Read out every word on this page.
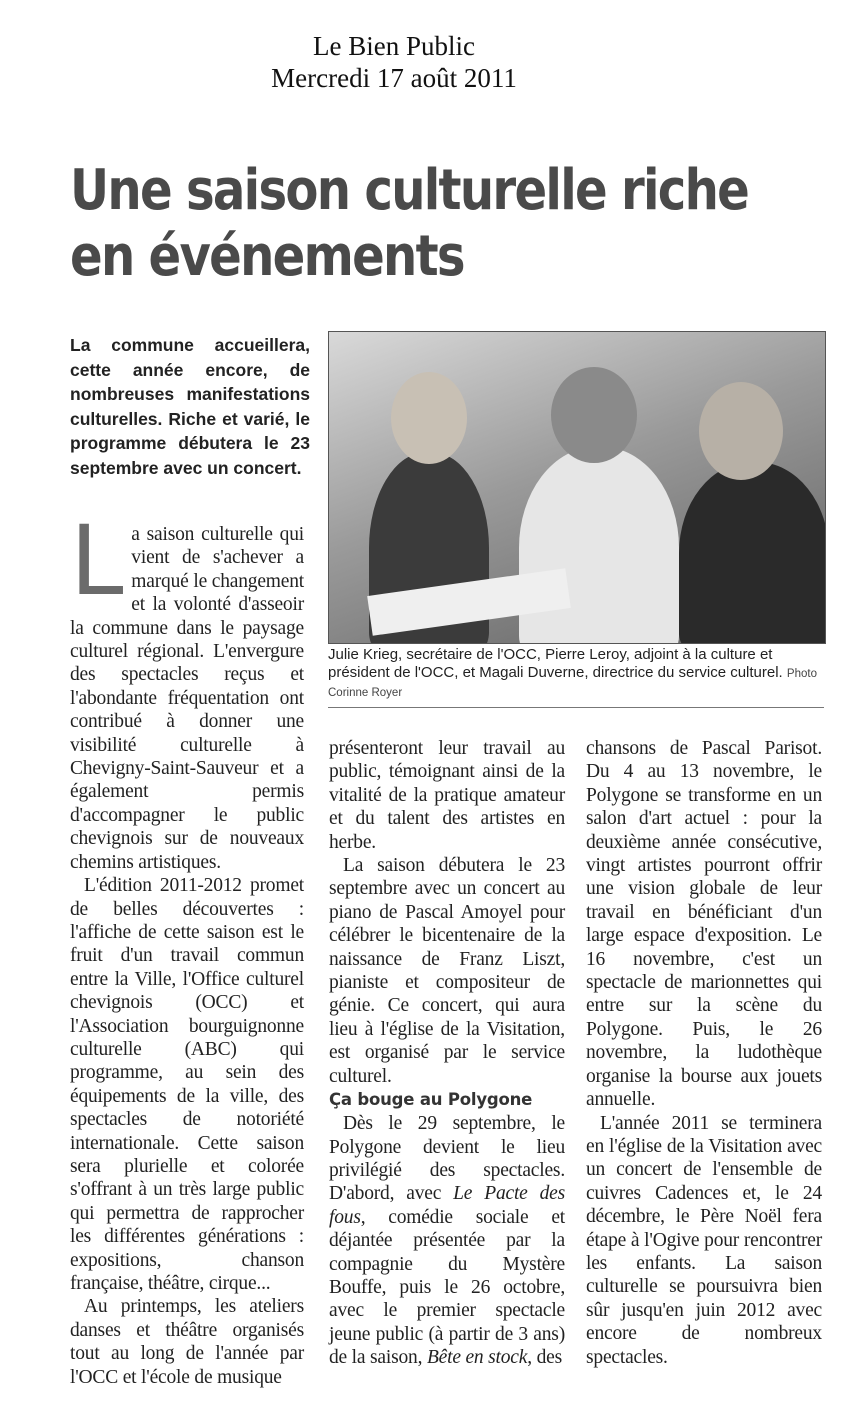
Le Bien Public
Mercredi 17 août 2011
Une saison culturelle riche
en événements
La commune accueillera, cette année encore, de nombreuses manifestations culturelles. Riche et varié, le programme débutera le 23 septembre avec un concert.
Julie Krieg, secrétaire de l'OCC, Pierre Leroy, adjoint à la culture et président de l'OCC, et Magali Duverne, directrice du service culturel. Photo Corinne Royer

La saison culturelle qui vient de s'achever a marqué le changement et la volonté d'asseoir la commune dans le paysage culturel régional. L'envergure des spectacles reçus et l'abondante fréquentation ont contribué à donner une visibilité culturelle à Chevigny-Saint-Sauveur et a également permis d'accompagner le public chevignois sur de nouveaux chemins artistiques.

L'édition 2011-2012 promet de belles découvertes : l'affiche de cette saison est le fruit d'un travail commun entre la Ville, l'Office culturel chevignois (OCC) et l'Association bourguignonne culturelle (ABC) qui programme, au sein des équipements de la ville, des spectacles de notoriété internationale. Cette saison sera plurielle et colorée s'offrant à un très large public qui permettra de rapprocher les différentes générations : expositions, chanson française, théâtre, cirque...

Au printemps, les ateliers danses et théâtre organisés tout au long de l'année par l'OCC et l'école de musique

présenteront leur travail au public, témoignant ainsi de la vitalité de la pratique amateur et du talent des artistes en herbe.

La saison débutera le 23 septembre avec un concert au piano de Pascal Amoyel pour célébrer le bicentenaire de la naissance de Franz Liszt, pianiste et compositeur de génie. Ce concert, qui aura lieu à l'église de la Visitation, est organisé par le service culturel.

Ça bouge au Polygone

Dès le 29 septembre, le Polygone devient le lieu privilégié des spectacles. D'abord, avec Le Pacte des fous, comédie sociale et déjantée présentée par la compagnie du Mystère Bouffe, puis le 26 octobre, avec le premier spectacle jeune public (à partir de 3 ans) de la saison, Bête en stock, des

chansons de Pascal Parisot. Du 4 au 13 novembre, le Polygone se transforme en un salon d'art actuel : pour la deuxième année consécutive, vingt artistes pourront offrir une vision globale de leur travail en bénéficiant d'un large espace d'exposition. Le 16 novembre, c'est un spectacle de marionnettes qui entre sur la scène du Polygone. Puis, le 26 novembre, la ludothèque organise la bourse aux jouets annuelle.

L'année 2011 se terminera en l'église de la Visitation avec un concert de l'ensemble de cuivres Cadences et, le 24 décembre, le Père Noël fera étape à l'Ogive pour rencontrer les enfants. La saison culturelle se poursuivra bien sûr jusqu'en juin 2012 avec encore de nombreux spectacles.
